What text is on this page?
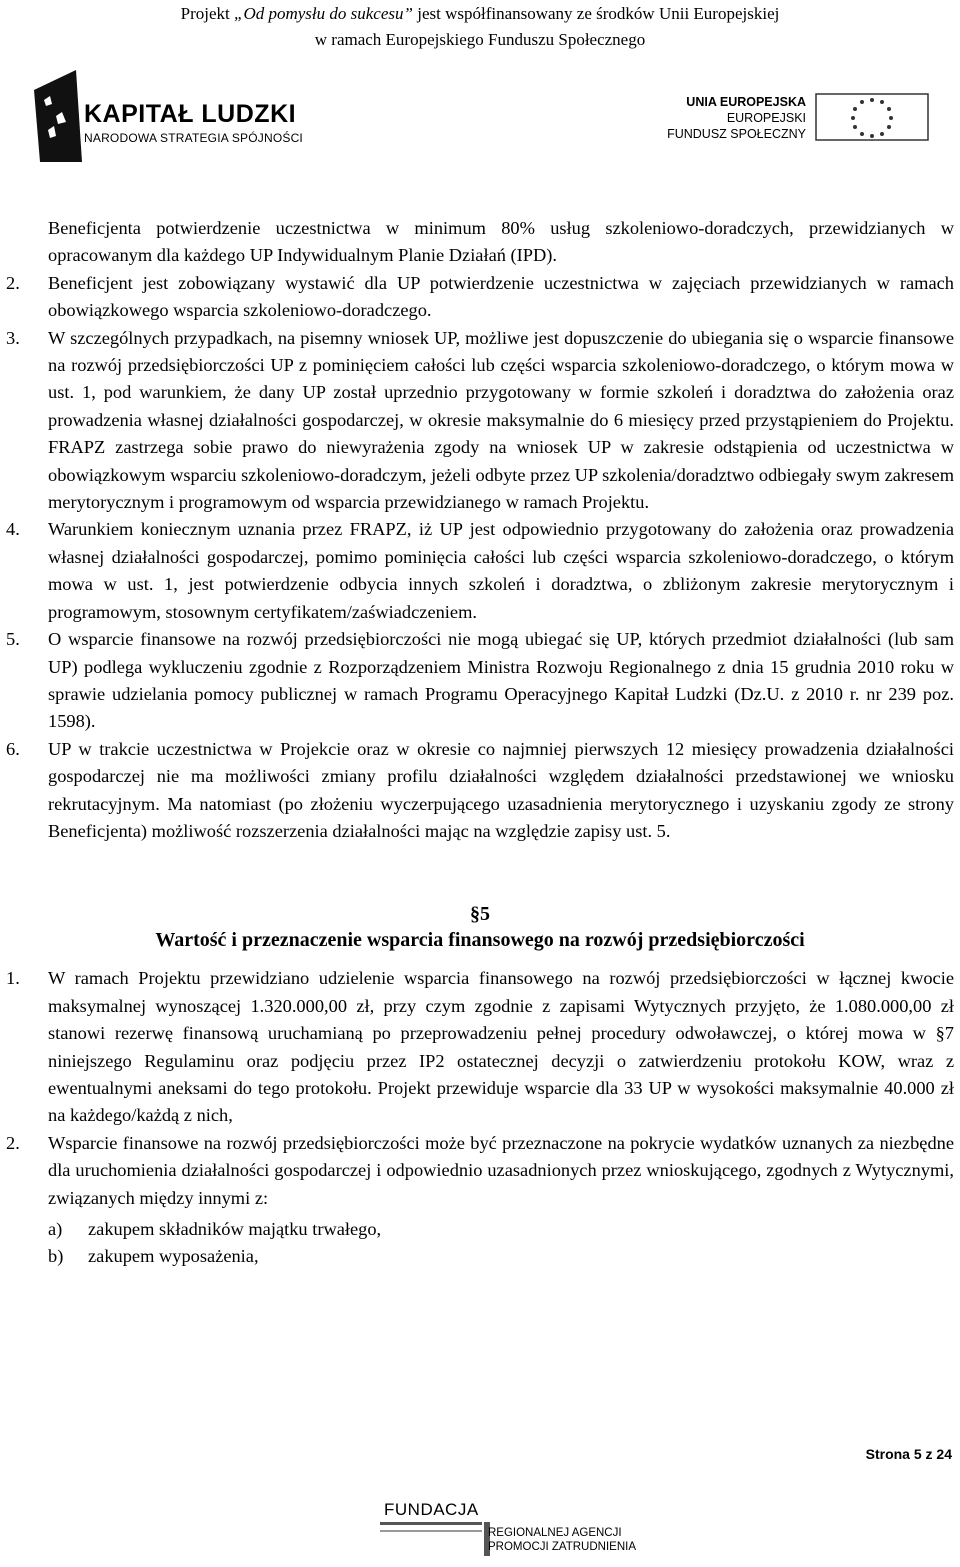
Projekt „Od pomysłu do sukcesu” jest współfinansowany ze środków Unii Europejskiej
w ramach Europejskiego Funduszu Społecznego
KAPITAŁ LUDZKI
NARODOWA STRATEGIA SPÓJNOŚCI
UNIA EUROPEJSKA
EUROPEJSKI
FUNDUSZ SPOŁECZNY
Beneficjenta potwierdzenie uczestnictwa w minimum 80% usług szkoleniowo-doradczych, przewidzianych w opracowanym dla każdego UP Indywidualnym Planie Działań (IPD).
2.	Beneficjent jest zobowiązany wystawić dla UP potwierdzenie uczestnictwa w zajęciach przewidzianych w ramach obowiązkowego wsparcia szkoleniowo-doradczego.
3.	W szczególnych przypadkach, na pisemny wniosek UP, możliwe jest dopuszczenie do ubiegania się o wsparcie finansowe na rozwój przedsiębiorczości UP z pominięciem całości lub części wsparcia szkoleniowo-doradczego, o którym mowa w ust. 1, pod warunkiem, że dany UP został uprzednio przygotowany w formie szkoleń i doradztwa do założenia oraz prowadzenia własnej działalności gospodarczej, w okresie maksymalnie do 6 miesięcy przed przystąpieniem do Projektu. FRAPZ zastrzega sobie prawo do niewyrażenia zgody na wniosek UP w zakresie odstąpienia od uczestnictwa w obowiązkowym wsparciu szkoleniowo-doradczym, jeżeli odbyte przez UP szkolenia/doradztwo odbiegały swym zakresem merytorycznym i programowym od wsparcia przewidzianego w ramach Projektu.
4.	Warunkiem koniecznym uznania przez FRAPZ, iż UP jest odpowiednio przygotowany do założenia oraz prowadzenia własnej działalności gospodarczej, pomimo pominięcia całości lub części wsparcia szkoleniowo-doradczego, o którym mowa w ust. 1, jest potwierdzenie odbycia innych szkoleń i doradztwa, o zbliżonym zakresie merytorycznym i programowym, stosownym certyfikatem/zaświadczeniem.
5.	O wsparcie finansowe na rozwój przedsiębiorczości nie mogą ubiegać się UP, których przedmiot działalności (lub sam UP) podlega wykluczeniu zgodnie z Rozporządzeniem Ministra Rozwoju Regionalnego z dnia 15 grudnia 2010 roku w sprawie udzielania pomocy publicznej w ramach Programu Operacyjnego Kapitał Ludzki (Dz.U. z 2010 r. nr 239 poz. 1598).
6.	UP w trakcie uczestnictwa w Projekcie oraz w okresie co najmniej pierwszych 12 miesięcy prowadzenia działalności gospodarczej nie ma możliwości zmiany profilu działalności względem działalności przedstawionej we wniosku rekrutacyjnym. Ma natomiast (po złożeniu wyczerpującego uzasadnienia merytorycznego i uzyskaniu zgody ze strony Beneficjenta) możliwość rozszerzenia działalności mając na względzie zapisy ust. 5.
§5
Wartość i przeznaczenie wsparcia finansowego na rozwój przedsiębiorczości
1.	W ramach Projektu przewidziano udzielenie wsparcia finansowego na rozwój przedsiębiorczości w łącznej kwocie maksymalnej wynoszącej 1.320.000,00 zł, przy czym zgodnie z zapisami Wytycznych przyjęto, że 1.080.000,00 zł stanowi rezerwę finansową uruchamianą po przeprowadzeniu pełnej procedury odwoławczej, o której mowa w §7 niniejszego Regulaminu oraz podjęciu przez IP2 ostatecznej decyzji o zatwierdzeniu protokołu KOW, wraz z ewentualnymi aneksami do tego protokołu. Projekt przewiduje wsparcie dla 33 UP w wysokości maksymalnie 40.000 zł na każdego/każdą z nich,
2.	Wsparcie finansowe na rozwój przedsiębiorczości może być przeznaczone na pokrycie wydatków uznanych za niezbędne dla uruchomienia działalności gospodarczej i odpowiednio uzasadnionych przez wnioskującego, zgodnych z Wytycznymi, związanych między innymi z:
a)	zakupem składników majątku trwałego,
b)	zakupem wyposażenia,
Strona 5 z 24
FUNDACJA
REGIONALNEJ AGENCJI
PROMOCJI ZATRUDNIENIA
